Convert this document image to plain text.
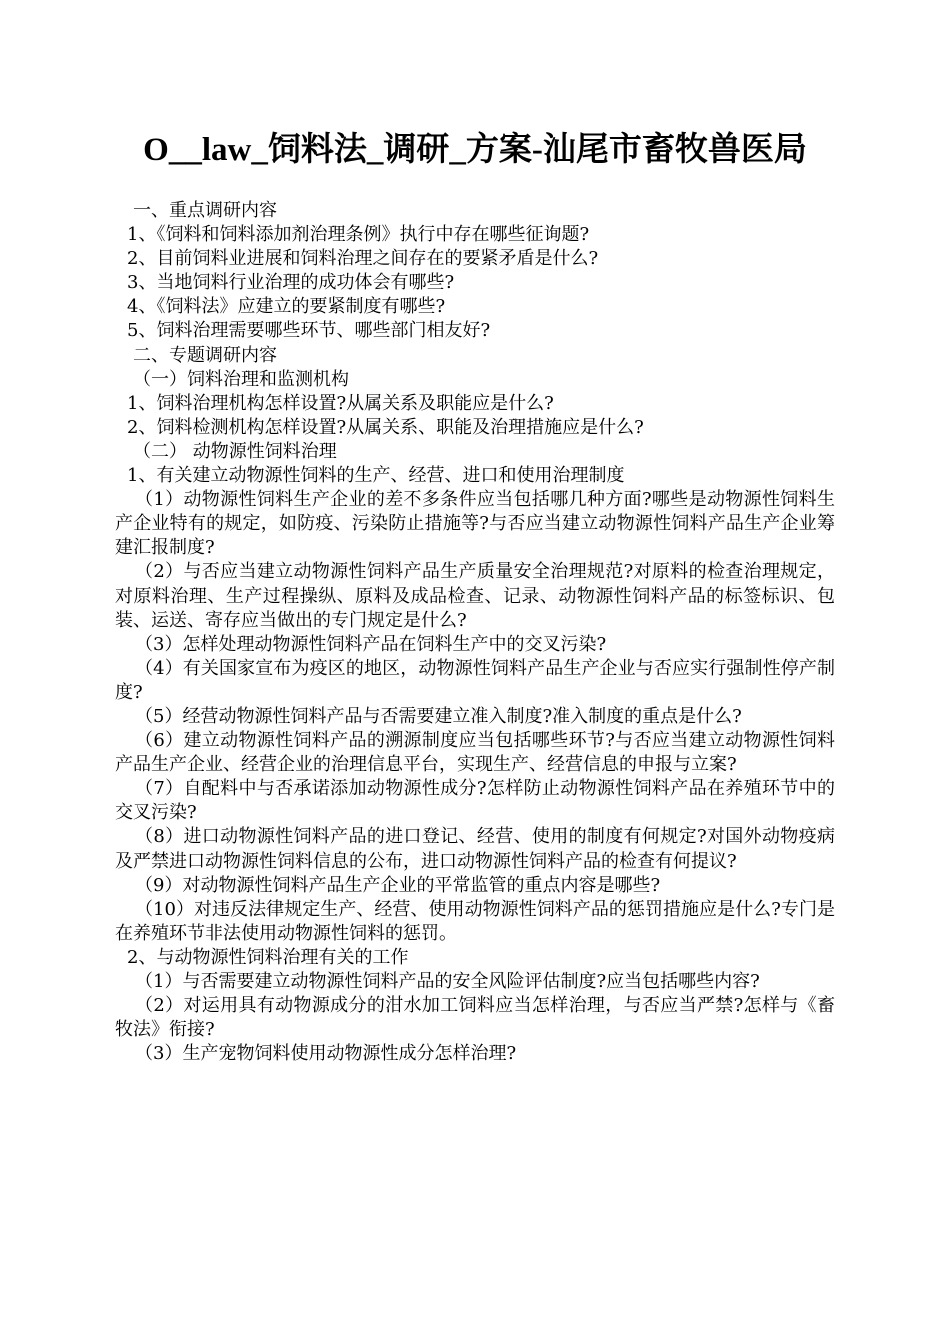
O__law_饲料法_调研_方案-汕尾市畜牧兽医局

一、重点调研内容

1、《饲料和饲料添加剂治理条例》执行中存在哪些征询题?

2、目前饲料业进展和饲料治理之间存在的要紧矛盾是什么?

3、当地饲料行业治理的成功体会有哪些?

4、《饲料法》应建立的要紧制度有哪些?

5、饲料治理需要哪些环节、哪些部门相友好?

二、专题调研内容

（一）饲料治理和监测机构

1、饲料治理机构怎样设置?从属关系及职能应是什么?

2、饲料检测机构怎样设置?从属关系、职能及治理措施应是什么?

（二） 动物源性饲料治理

1、有关建立动物源性饲料的生产、经营、进口和使用治理制度

（1）动物源性饲料生产企业的差不多条件应当包括哪几种方面?哪些是动物源性饲料生产企业特有的规定，如防疫、污染防止措施等?与否应当建立动物源性饲料产品生产企业筹建汇报制度?

（2）与否应当建立动物源性饲料产品生产质量安全治理规范?对原料的检查治理规定，对原料治理、生产过程操纵、原料及成品检查、记录、动物源性饲料产品的标签标识、包装、运送、寄存应当做出的专门规定是什么?

（3）怎样处理动物源性饲料产品在饲料生产中的交叉污染?

（4）有关国家宣布为疫区的地区，动物源性饲料产品生产企业与否应实行强制性停产制度?

（5）经营动物源性饲料产品与否需要建立准入制度?准入制度的重点是什么?

（6）建立动物源性饲料产品的溯源制度应当包括哪些环节?与否应当建立动物源性饲料产品生产企业、经营企业的治理信息平台，实现生产、经营信息的申报与立案?

（7）自配料中与否承诺添加动物源性成分?怎样防止动物源性饲料产品在养殖环节中的交叉污染?

（8）进口动物源性饲料产品的进口登记、经营、使用的制度有何规定?对国外动物疫病及严禁进口动物源性饲料信息的公布，进口动物源性饲料产品的检查有何提议?

（9）对动物源性饲料产品生产企业的平常监管的重点内容是哪些?

（10）对违反法律规定生产、经营、使用动物源性饲料产品的惩罚措施应是什么?专门是在养殖环节非法使用动物源性饲料的惩罚。

2、与动物源性饲料治理有关的工作

（1）与否需要建立动物源性饲料产品的安全风险评估制度?应当包括哪些内容?

（2）对运用具有动物源成分的泔水加工饲料应当怎样治理，与否应当严禁?怎样与《畜牧法》衔接?

（3）生产宠物饲料使用动物源性成分怎样治理?
